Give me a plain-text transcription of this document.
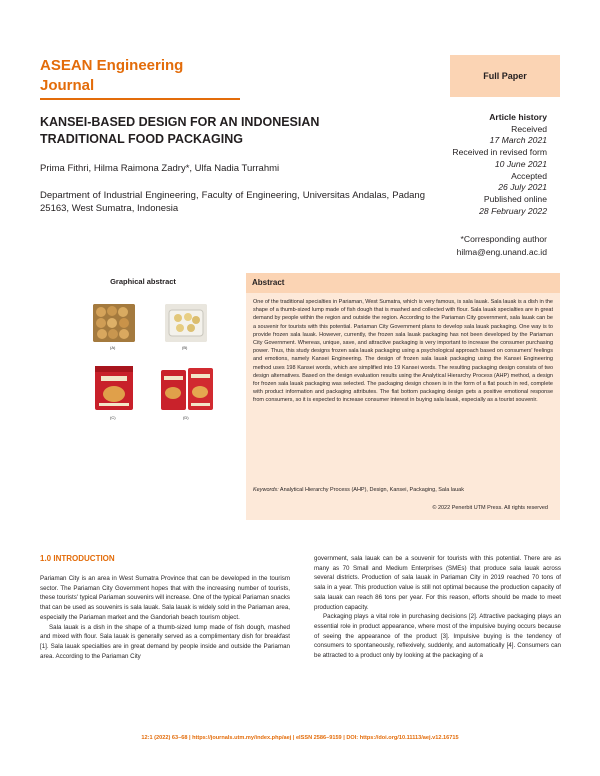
ASEAN Engineering Journal
Full Paper
KANSEI-BASED DESIGN FOR AN INDONESIAN TRADITIONAL FOOD PACKAGING
Prima Fithri, Hilma Raimona Zadry*, Ulfa Nadia Turrahmi
Department of Industrial Engineering, Faculty of Engineering, Universitas Andalas, Padang 25163, West Sumatra, Indonesia
Article history
Received
17 March 2021
Received in revised form
10 June 2021
Accepted
26 July 2021
Published online
28 February 2022
*Corresponding author
hilma@eng.unand.ac.id
Graphical abstract
(A)	(B)
(C)	(D)
Abstract
One of the traditional specialties in Pariaman, West Sumatra, which is very famous, is sala lauak. Sala lauak is a dish in the shape of a thumb-sized lump made of fish dough that is mashed and collected with flour. Sala lauak specialties are in great demand by people within the region and outside the region. According to the Pariaman City government, sala lauak can be a souvenir for tourists with this potential. Pariaman City Government plans to develop sala lauak packaging. One way is to provide frozen sala lauak. However, currently, the frozen sala lauak packaging has not been developed by the Pariaman City Government. Whereas, unique, save, and attractive packaging is very important to increase the consumer purchasing power. Thus, this study designs frozen sala lauak packaging using a psychological approach based on consumers' feelings and emotions, namely Kansei Engineering. The design of frozen sala lauak packaging using the Kansei Engineering method uses 198 Kansei words, which are simplified into 19 Kansei words. The resulting packaging design consists of two design alternatives. Based on the design evaluation results using the Analytical Hierarchy Process (AHP) method, a design for frozen sala lauak packaging was selected. The packaging design chosen is in the form of a flat pouch in red, complete with product information and packaging attributes. The flat bottom packaging design gets a positive emotional response from consumers, so it is expected to increase consumer interest in buying sala lauak, especially as a tourist souvenir.
Keywords: Analytical Hierarchy Process (AHP), Design, Kansei, Packaging, Sala lauak
© 2022 Penerbit UTM Press. All rights reserved
1.0 INTRODUCTION

Pariaman City is an area in West Sumatra Province that can be developed in the tourism sector. The Pariaman City Government hopes that with the increasing number of tourists, these tourists' typical Pariaman souvenirs will increase. One of the typical Pariaman snacks that can be used as souvenirs is sala lauak. Sala lauak is widely sold in the Pariaman area, especially the Pariaman market and the Gandoriah beach tourism object.

Sala lauak is a dish in the shape of a thumb-sized lump made of fish dough, mashed and mixed with flour. Sala lauak is generally served as a complimentary dish for breakfast [1]. Sala lauak specialties are in great demand by people inside and outside the Pariaman area. According to the Pariaman City

government, sala lauak can be a souvenir for tourists with this potential. There are as many as 70 Small and Medium Enterprises (SMEs) that produce sala lauak across several districts. Production of sala lauak in Pariaman City in 2019 reached 70 tons of sala in a year. This production value is still not optimal because the production capacity of sala lauak can reach 86 tons per year. For this reason, efforts should be made to meet production capacity.

Packaging plays a vital role in purchasing decisions [2]. Attractive packaging plays an essential role in product appearance, where most of the impulsive buying occurs because of seeing the appearance of the product [3]. Impulsive buying is the tendency of consumers to spontaneously, reflexively, suddenly, and automatically [4]. Consumers can be attracted to a product only by looking at the packaging of a

12:1 (2022) 63–68 | https://journals.utm.my/index.php/aej | eISSN 2586–9159 | DOI: https://doi.org/10.11113/aej.v12.16715
